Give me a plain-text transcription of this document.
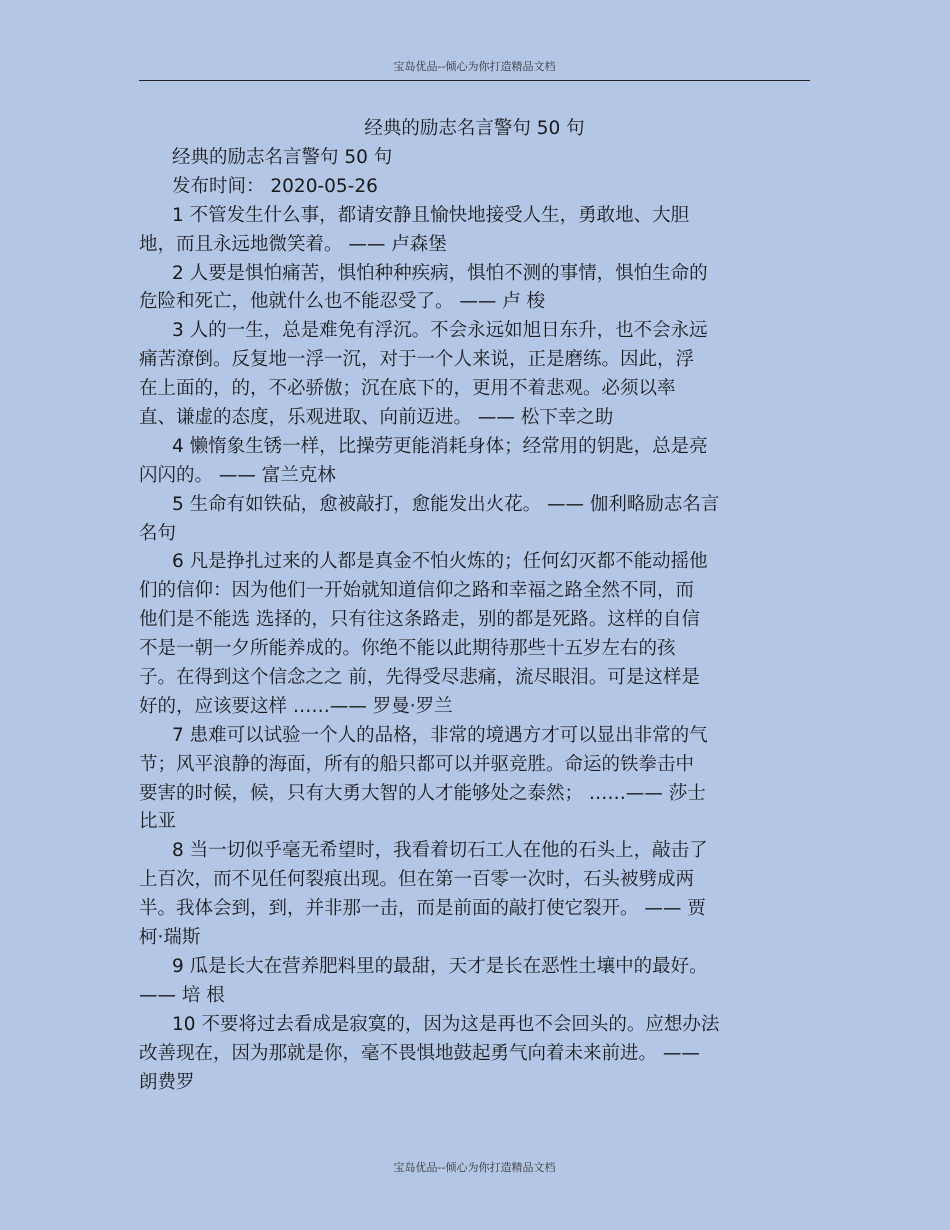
宝岛优品--倾心为你打造精品文档
经典的励志名言警句 50 句
经典的励志名言警句 50 句
发布时间： 2020-05-26
1 不管发生什么事，都请安静且愉快地接受人生，勇敢地、大胆
地，而且永远地微笑着。 —— 卢森堡
2 人要是惧怕痛苦，惧怕种种疾病，惧怕不测的事情，惧怕生命的
危险和死亡，他就什么也不能忍受了。 —— 卢 梭
3 人的一生，总是难免有浮沉。不会永远如旭日东升，也不会永远
痛苦潦倒。反复地一浮一沉，对于一个人来说，正是磨练。因此，浮
在上面的，的，不必骄傲；沉在底下的，更用不着悲观。必须以率
直、谦虚的态度，乐观进取、向前迈进。 —— 松下幸之助
4 懒惰象生锈一样，比操劳更能消耗身体；经常用的钥匙，总是亮
闪闪的。 —— 富兰克林
5 生命有如铁砧，愈被敲打，愈能发出火花。 —— 伽利略励志名言
名句
6 凡是挣扎过来的人都是真金不怕火炼的；任何幻灭都不能动摇他
们的信仰：因为他们一开始就知道信仰之路和幸福之路全然不同，而
他们是不能选 选择的，只有往这条路走，别的都是死路。这样的自信
不是一朝一夕所能养成的。你绝不能以此期待那些十五岁左右的孩
子。在得到这个信念之之 前，先得受尽悲痛，流尽眼泪。可是这样是
好的，应该要这样 ……—— 罗曼·罗兰
7 患难可以试验一个人的品格，非常的境遇方才可以显出非常的气
节；风平浪静的海面，所有的船只都可以并驱竞胜。命运的铁拳击中
要害的时候，候，只有大勇大智的人才能够处之泰然； ……—— 莎士
比亚
8 当一切似乎毫无希望时，我看着切石工人在他的石头上，敲击了
上百次，而不见任何裂痕出现。但在第一百零一次时，石头被劈成两
半。我体会到，到，并非那一击，而是前面的敲打使它裂开。 —— 贾
柯·瑞斯
9 瓜是长大在营养肥料里的最甜，天才是长在恶性土壤中的最好。
—— 培 根
10 不要将过去看成是寂寞的，因为这是再也不会回头的。应想办法
改善现在，因为那就是你，毫不畏惧地鼓起勇气向着未来前进。 ——
朗费罗
宝岛优品--倾心为你打造精品文档
